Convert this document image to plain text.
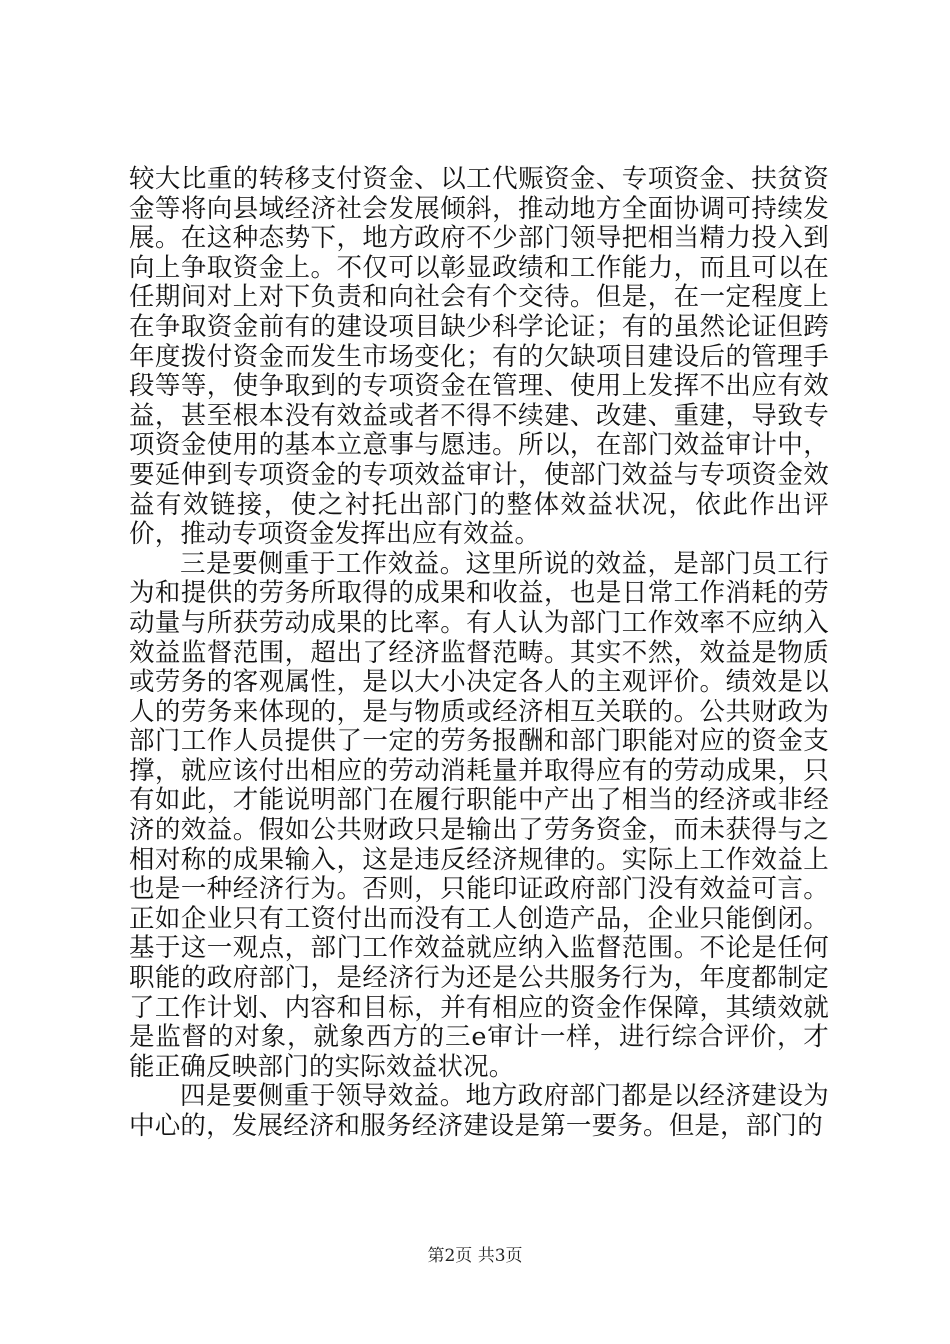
较大比重的转移支付资金、以工代赈资金、专项资金、扶贫资金等将向县域经济社会发展倾斜，推动地方全面协调可持续发展。在这种态势下，地方政府不少部门领导把相当精力投入到向上争取资金上。不仅可以彰显政绩和工作能力，而且可以在任期间对上对下负责和向社会有个交待。但是，在一定程度上在争取资金前有的建设项目缺少科学论证；有的虽然论证但跨年度拨付资金而发生市场变化；有的欠缺项目建设后的管理手段等等，使争取到的专项资金在管理、使用上发挥不出应有效益，甚至根本没有效益或者不得不续建、改建、重建，导致专项资金使用的基本立意事与愿违。所以，在部门效益审计中，要延伸到专项资金的专项效益审计，使部门效益与专项资金效益有效链接，使之衬托出部门的整体效益状况，依此作出评价，推动专项资金发挥出应有效益。

三是要侧重于工作效益。这里所说的效益，是部门员工行为和提供的劳务所取得的成果和收益，也是日常工作消耗的劳动量与所获劳动成果的比率。有人认为部门工作效率不应纳入效益监督范围，超出了经济监督范畴。其实不然，效益是物质或劳务的客观属性，是以大小决定各人的主观评价。绩效是以人的劳务来体现的，是与物质或经济相互关联的。公共财政为部门工作人员提供了一定的劳务报酬和部门职能对应的资金支撑，就应该付出相应的劳动消耗量并取得应有的劳动成果，只有如此，才能说明部门在履行职能中产出了相当的经济或非经济的效益。假如公共财政只是输出了劳务资金，而未获得与之相对称的成果输入，这是违反经济规律的。实际上工作效益上也是一种经济行为。否则，只能印证政府部门没有效益可言。正如企业只有工资付出而没有工人创造产品，企业只能倒闭。基于这一观点，部门工作效益就应纳入监督范围。不论是任何职能的政府部门，是经济行为还是公共服务行为，年度都制定了工作计划、内容和目标，并有相应的资金作保障，其绩效就是监督的对象，就象西方的三e审计一样，进行综合评价，才能正确反映部门的实际效益状况。

四是要侧重于领导效益。地方政府部门都是以经济建设为中心的，发展经济和服务经济建设是第一要务。但是，部门的

第2页 共3页
